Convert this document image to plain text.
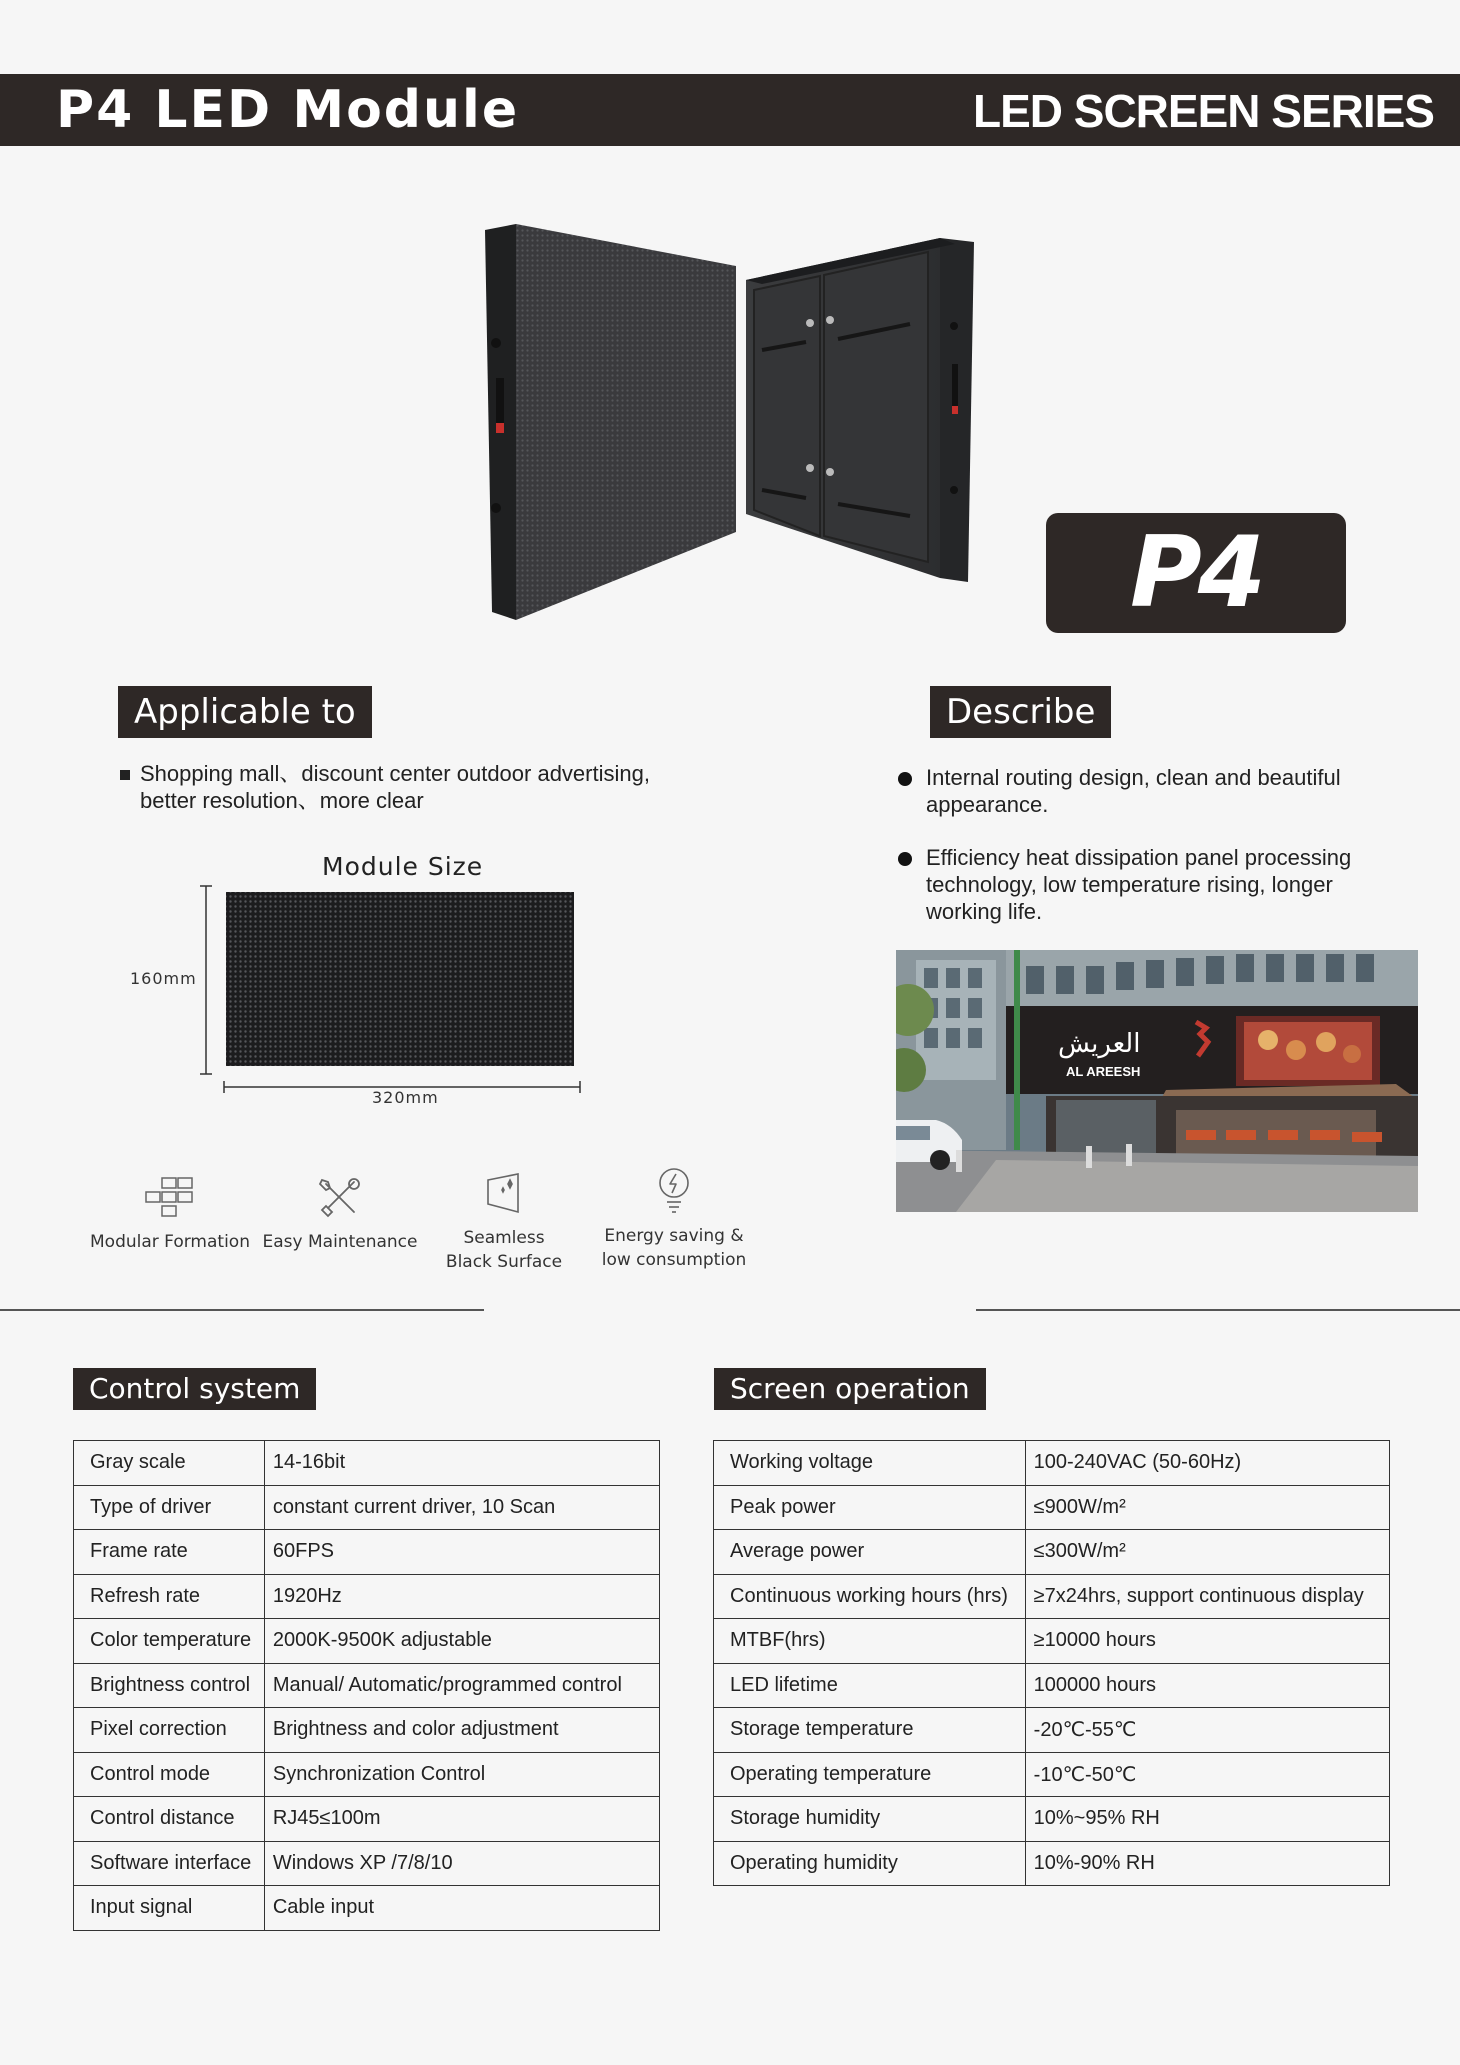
P4 LED Module	LED SCREEN SERIES
P4
Applicable to
Shopping mall、discount center outdoor advertising,
better resolution、more clear
Describe
Internal routing design, clean and beautiful
appearance.
Efficiency heat dissipation panel processing
technology, low temperature rising, longer
working life.
Module Size
160mm
320mm
Modular Formation Easy Maintenance	Seamless
Black Surface
Energy saving &
low consumption
العريش
AL AREESH
Control system
Gray scale	14-16bit
Type of driver	constant current driver, 10 Scan
Frame rate	60FPS
Refresh rate	1920Hz
Color temperature	2000K-9500K adjustable
Brightness control	Manual/ Automatic/programmed control
Pixel correction	Brightness and color adjustment
Control mode	Synchronization Control
Control distance	RJ45≤100m
Software interface	Windows XP /7/8/10
Input signal	Cable input
Screen operation
Working voltage	100-240VAC (50-60Hz)
Peak power	≤900W/m²
Average power	≤300W/m²
Continuous working hours (hrs)	≥7x24hrs, support continuous display
MTBF(hrs)	≥10000 hours
LED lifetime	100000 hours
Storage temperature	-20℃-55℃
Operating temperature	-10℃-50℃
Storage humidity	10%~95% RH
Operating humidity	10%-90% RH
